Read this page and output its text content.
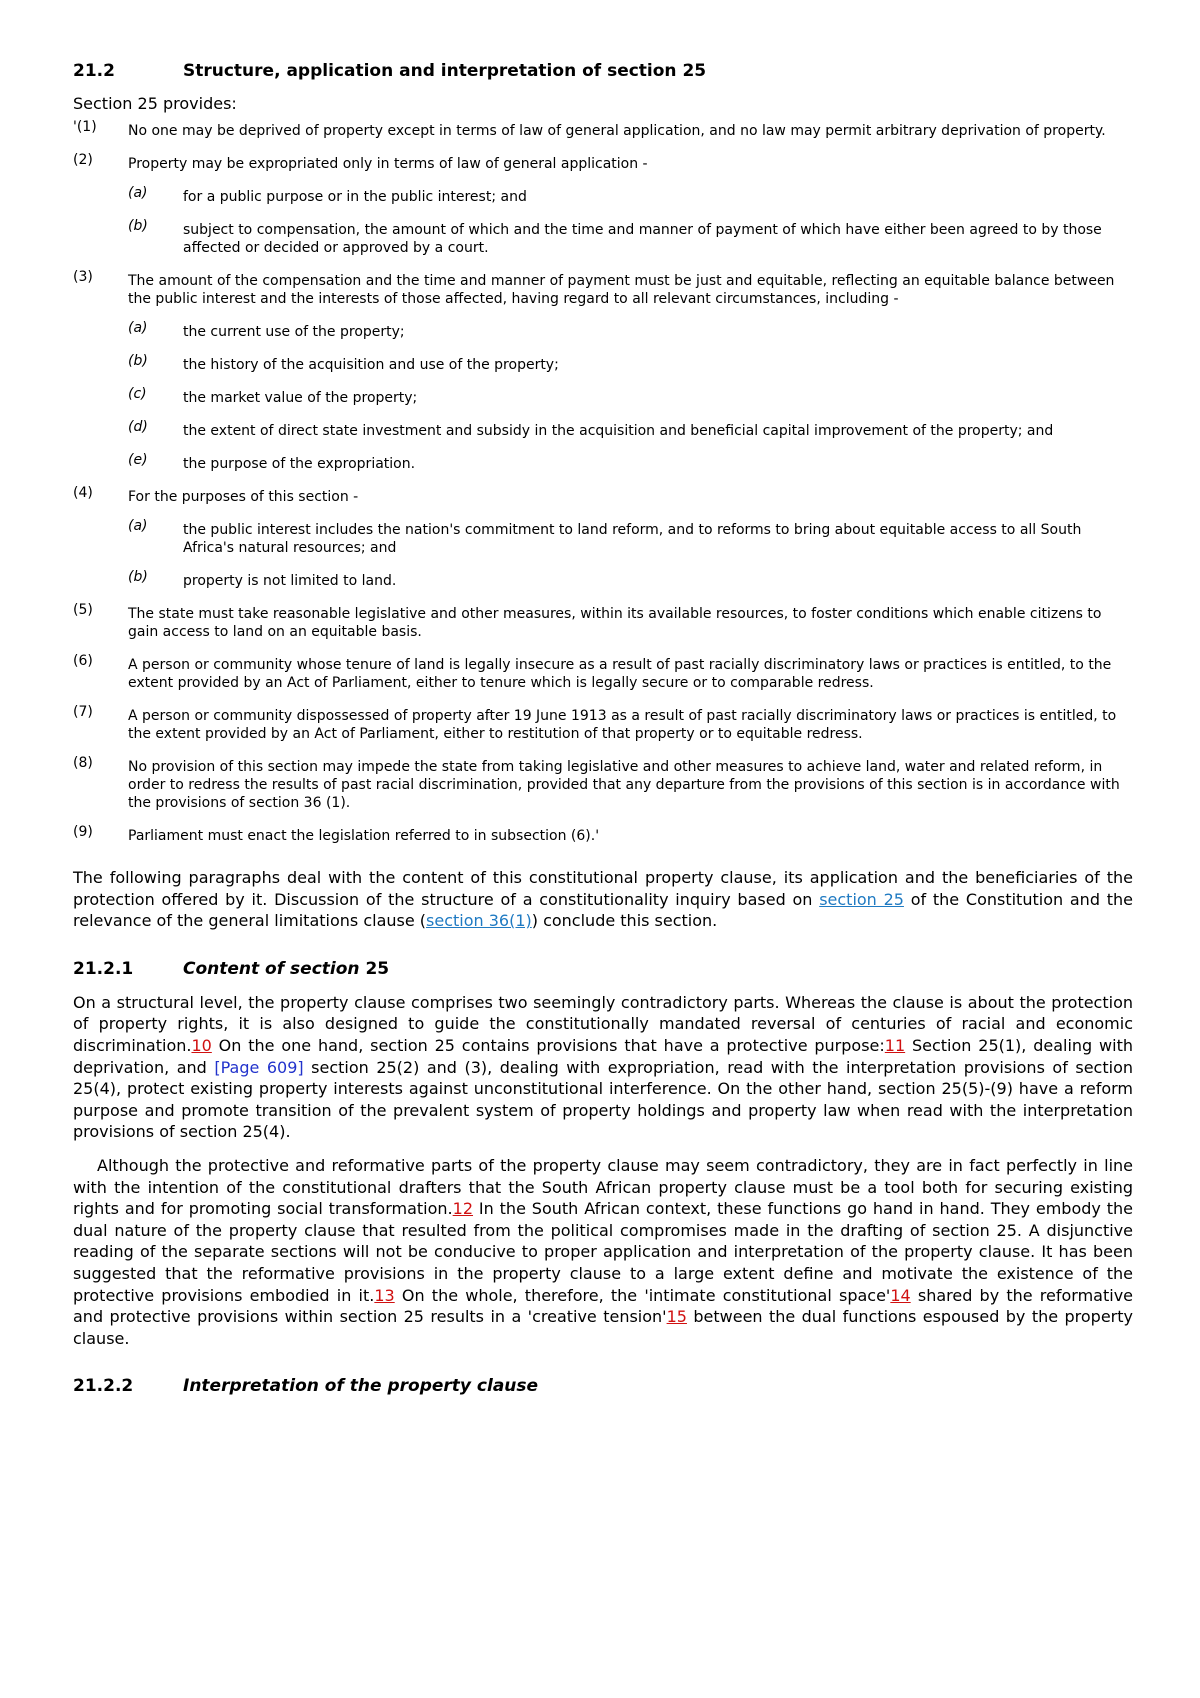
21.2	Structure, application and interpretation of section 25
Section 25 provides:
'(1)	No one may be deprived of property except in terms of law of general application, and no law may permit arbitrary deprivation of property.
(2)	Property may be expropriated only in terms of law of general application -
(a)	for a public purpose or in the public interest; and
(b)	subject to compensation, the amount of which and the time and manner of payment of which have either been agreed to by those affected or decided or approved by a court.
(3)	The amount of the compensation and the time and manner of payment must be just and equitable, reflecting an equitable balance between the public interest and the interests of those affected, having regard to all relevant circumstances, including -
(a)	the current use of the property;
(b)	the history of the acquisition and use of the property;
(c)	the market value of the property;
(d)	the extent of direct state investment and subsidy in the acquisition and beneficial capital improvement of the property; and
(e)	the purpose of the expropriation.
(4)	For the purposes of this section -
(a)	the public interest includes the nation's commitment to land reform, and to reforms to bring about equitable access to all South Africa's natural resources; and
(b)	property is not limited to land.
(5)	The state must take reasonable legislative and other measures, within its available resources, to foster conditions which enable citizens to gain access to land on an equitable basis.
(6)	A person or community whose tenure of land is legally insecure as a result of past racially discriminatory laws or practices is entitled, to the extent provided by an Act of Parliament, either to tenure which is legally secure or to comparable redress.
(7)	A person or community dispossessed of property after 19 June 1913 as a result of past racially discriminatory laws or practices is entitled, to the extent provided by an Act of Parliament, either to restitution of that property or to equitable redress.
(8)	No provision of this section may impede the state from taking legislative and other measures to achieve land, water and related reform, in order to redress the results of past racial discrimination, provided that any departure from the provisions of this section is in accordance with the provisions of section 36 (1).
(9)	Parliament must enact the legislation referred to in subsection (6).'

The following paragraphs deal with the content of this constitutional property clause, its application and the beneficiaries of the protection offered by it. Discussion of the structure of a constitutionality inquiry based on section 25 of the Constitution and the relevance of the general limitations clause (section 36(1)) conclude this section.

21.2.1	Content of section 25

On a structural level, the property clause comprises two seemingly contradictory parts. Whereas the clause is about the protection of property rights, it is also designed to guide the constitutionally mandated reversal of centuries of racial and economic discrimination.10 On the one hand, section 25 contains provisions that have a protective purpose:11 Section 25(1), dealing with deprivation, and [Page 609] section 25(2) and (3), dealing with expropriation, read with the interpretation provisions of section 25(4), protect existing property interests against unconstitutional interference. On the other hand, section 25(5)-(9) have a reform purpose and promote transition of the prevalent system of property holdings and property law when read with the interpretation provisions of section 25(4).

Although the protective and reformative parts of the property clause may seem contradictory, they are in fact perfectly in line with the intention of the constitutional drafters that the South African property clause must be a tool both for securing existing rights and for promoting social transformation.12 In the South African context, these functions go hand in hand. They embody the dual nature of the property clause that resulted from the political compromises made in the drafting of section 25. A disjunctive reading of the separate sections will not be conducive to proper application and interpretation of the property clause. It has been suggested that the reformative provisions in the property clause to a large extent define and motivate the existence of the protective provisions embodied in it.13 On the whole, therefore, the 'intimate constitutional space'14 shared by the reformative and protective provisions within section 25 results in a 'creative tension'15 between the dual functions espoused by the property clause.

21.2.2	Interpretation of the property clause
